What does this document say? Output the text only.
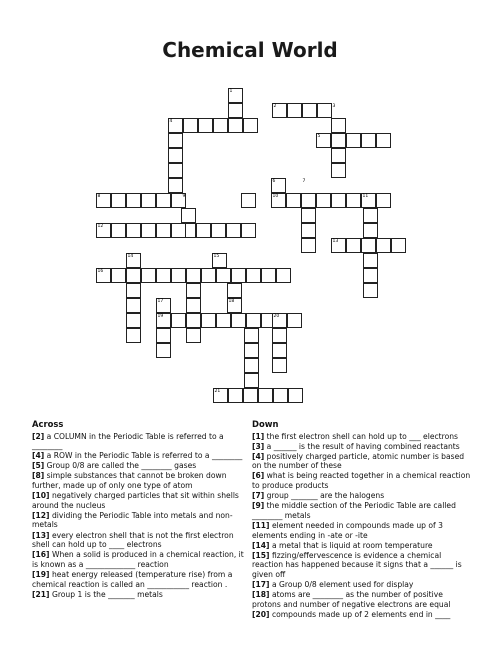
Chemical World
1
2	3
4
5
6	7
8	9	10	11
12
13
14	15
16
17	18
19	20
21
Across
[2] a COLUMN in the Periodic Table is referred to a ________
[4] a ROW in the Periodic Table is referred to a ________
[5] Group 0/8 are called the ________ gases
[8] simple substances that cannot be broken down further, made up of only one type of atom
[10] negatively charged particles that sit within shells around the nucleus
[12] dividing the Periodic Table into metals and non-metals
[13] every electron shell that is not the first electron shell can hold up to ____ electrons
[16] When a solid is produced in a chemical reaction, it is known as a _____________ reaction
[19] heat energy released (temperature rise) from a chemical reaction is called an ___________ reaction .
[21] Group 1 is the _______ metals
Down
[1] the first electron shell can hold up to ___ electrons
[3] a ______ is the result of having combined reactants
[4] positively charged particle, atomic number is based on the number of these
[6] what is being reacted together in a chemical reaction to produce products
[7] group _______ are the halogens
[9] the middle section of the Periodic Table are called ________ metals
[11] element needed in compounds made up of 3 elements ending in -ate or -ite
[14] a metal that is liquid at room temperature
[15] fizzing/effervescence is evidence a chemical reaction has happened because it signs that a ______ is given off
[17] a Group 0/8 element used for display
[18] atoms are ________ as the number of positive protons and number of negative electrons are equal
[20] compounds made up of 2 elements end in ____
